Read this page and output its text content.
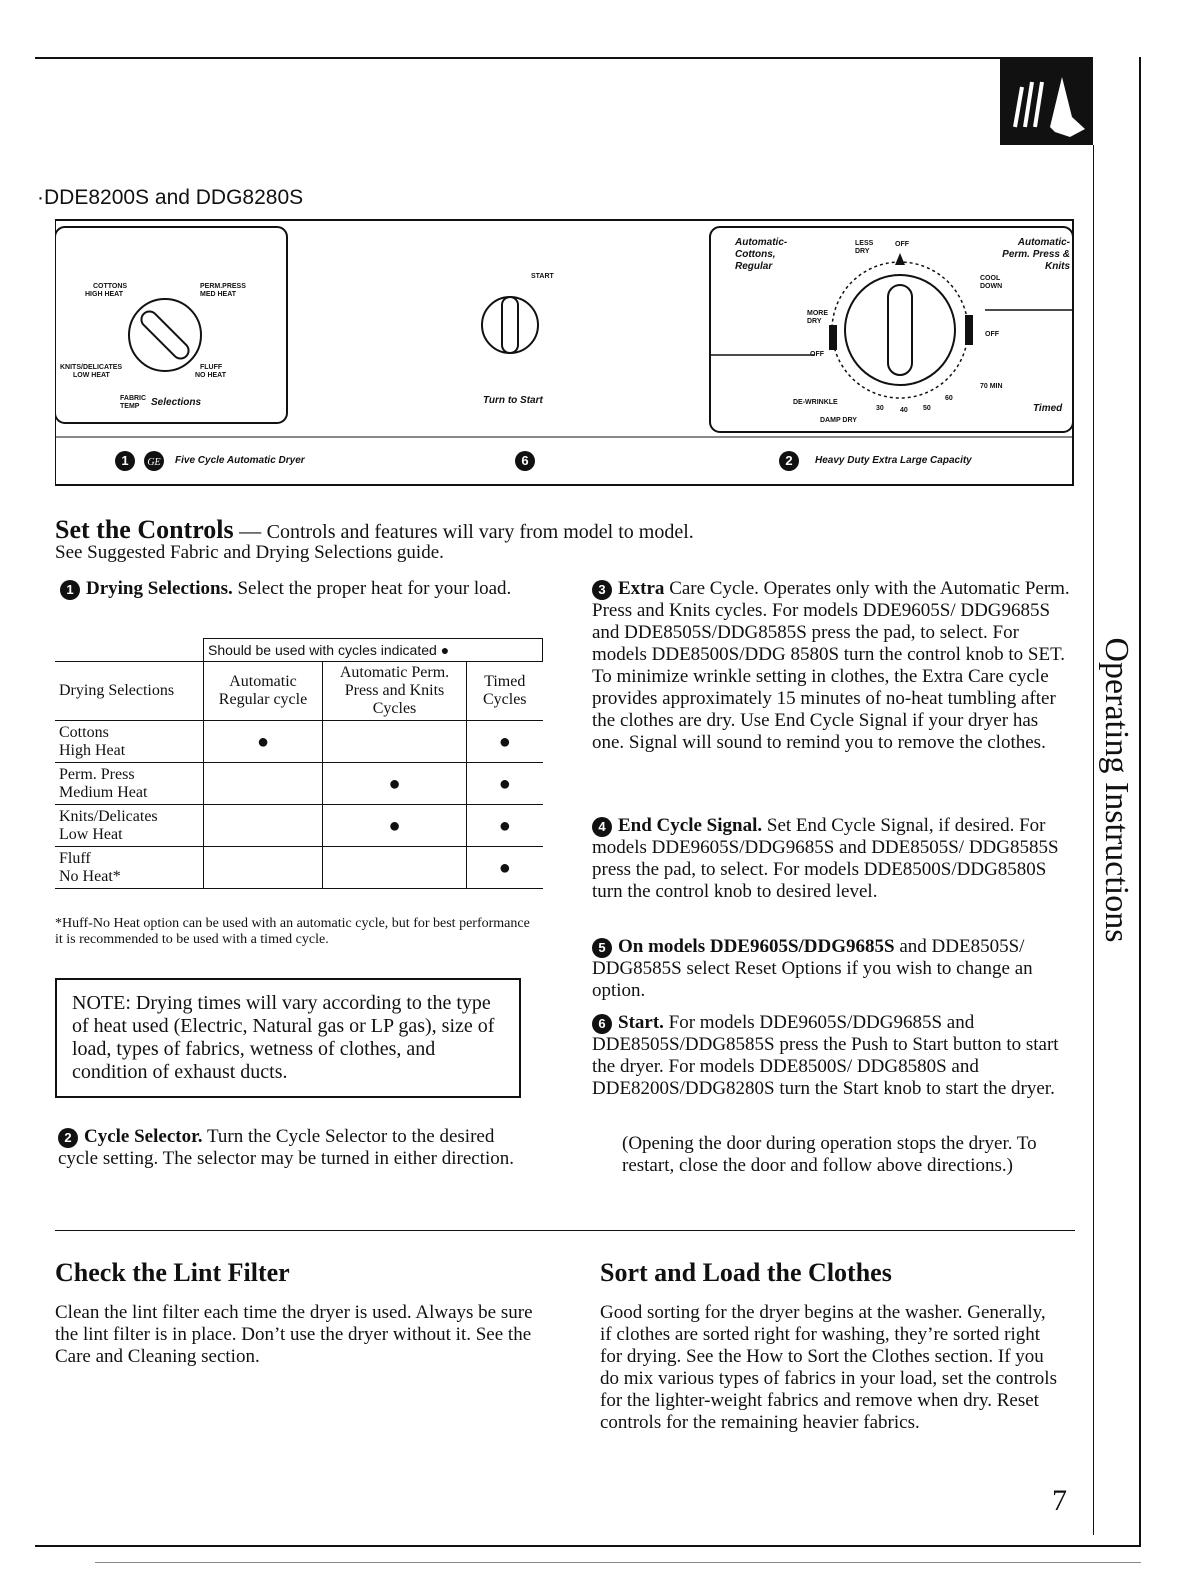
·DDE8200S and DDG8280S
COTTONS
HIGH HEAT
PERM.PRESS
MED HEAT
KNITS/DELICATES
LOW HEAT
FLUFF
NO HEAT
FABRIC TEMP	Selections
START
Turn to Start
Automatic- Cottons, Regular
Automatic- Perm. Press & Knits
LESS DRY
OFF
MORE DRY
COOL DOWN
OFF
OFF
DE-WRINKLE
DAMP DRY
30 40 50
60
70 MIN
Timed
1	GE Five Cycle Automatic Dryer	6	2	Heavy Duty Extra Large Capacity
Set the Controls — Controls and features will vary from model to model.
See Suggested Fabric and Drying Selections guide.
1 Drying Selections. Select the proper heat for your load.
	Should be used with cycles indicated ●		
Drying Selections	Automatic Regular cycle	Automatic Perm. Press and Knits Cycles	Timed Cycles

Cottons
High Heat	●		●

Perm. Press
Medium Heat		●	●

Knits/Delicates
Low Heat		●	●

Fluff
No Heat*			●
*Huff-No Heat option can be used with an automatic cycle, but for best performance it is recommended to be used with a timed cycle.
NOTE: Drying times will vary according to the type of heat used (Electric, Natural gas or LP gas), size of load, types of fabrics, wetness of clothes, and condition of exhaust ducts.
2 Cycle Selector. Turn the Cycle Selector to the desired cycle setting. The selector may be turned in either direction.
3 Extra Care Cycle. Operates only with the Automatic Perm. Press and Knits cycles. For models DDE9605S/ DDG9685S and DDE8505S/DDG8585S press the pad, to select. For models DDE8500S/DDG 8580S turn the control knob to SET. To minimize wrinkle setting in clothes, the Extra Care cycle provides approximately 15 minutes of no-heat tumbling after the clothes are dry. Use End Cycle Signal if your dryer has one. Signal will sound to remind you to remove the clothes.
4 End Cycle Signal. Set End Cycle Signal, if desired. For models DDE9605S/DDG9685S and DDE8505S/ DDG8585S press the pad, to select. For models DDE8500S/DDG8580S turn the control knob to desired level.
5 On models DDE9605S/DDG9685S and DDE8505S/ DDG8585S select Reset Options if you wish to change an option.
6 Start. For models DDE9605S/DDG9685S and DDE8505S/DDG8585S press the Push to Start button to start the dryer. For models DDE8500S/ DDG8580S and DDE8200S/DDG8280S turn the Start knob to start the dryer.
(Opening the door during operation stops the dryer. To restart, close the door and follow above directions.)
Check the Lint Filter
Clean the lint filter each time the dryer is used. Always be sure the lint filter is in place. Don’t use the dryer without it. See the Care and Cleaning section.
Sort and Load the Clothes
Good sorting for the dryer begins at the washer. Generally, if clothes are sorted right for washing, they’re sorted right for drying. See the How to Sort the Clothes section. If you do mix various types of fabrics in your load, set the controls for the lighter-weight fabrics and remove when dry. Reset controls for the remaining heavier fabrics.
Operating Instructions
7
